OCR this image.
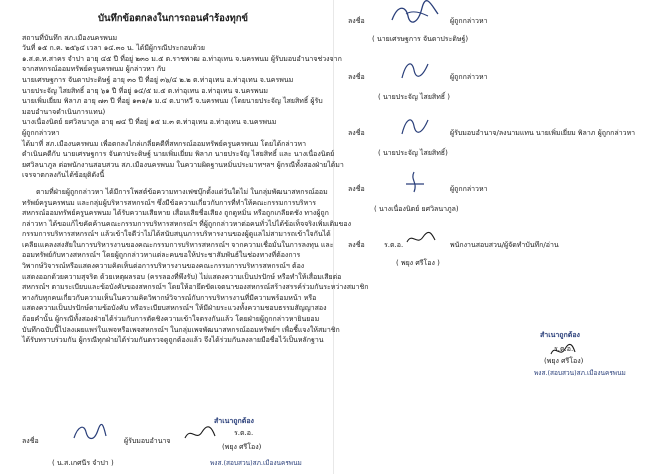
บันทึกข้อตกลงในการถอนคำร้องทุกข์
สถานที่บันทึก สภ.เมืองนครพนม
วันที่ ๑๕ ก.ค. ๒๕๖๔ เวลา ๑๔.๓๐ น. ได้มีผู้กรณีประกอบด้วย
๑.ส.ต.ท.สาคร จำปา อายุ ๔๕ ปี ที่อยู่ ๒๓๐ ม.๕ ต.ราชพาฒ อ.ท่าอุเทน จ.นครพนม ผู้รับมอบอำนาจช่วงจาก
จากสหกรณ์ออมทรัพย์ครูนครพนม ผู้กล่าวหา กับ
นายเศรษฐการ จันดาประดิษฐ์ อายุ ๓๐ ปี ที่อยู่ ๓๖/๔ ๒.๒ ต.ท่าอุเทน อ.ท่าอุเทน จ.นครพนม
นายประจัญ ไสยสิทธิ์ อายุ ๖๑ ปี ที่อยู่ ๑๔/๕ ม.๕ ต.ท่าอุเทน อ.ท่าอุเทน จ.นครพนม
นายเพิ่มเยี่ยม พิลาภ อายุ ๗๓ ปี ที่อยู่ ๑๓๑/๑ ม.๔ ต.บาหวี จ.นครพนม (โดยนายประจัญ ไสยสิทธิ์ ผู้รับ
มอบอำนาจดำเนินการแทน)
นางเนื่องนิตย์ ยศวิลนาภูล อายุ ๗๔ ปี ที่อยู่ ๑๕ ม.๓ ต.ท่าอุเทน อ.ท่าอุเทน จ.นครพนม
ผู้ถูกกล่าวหา
ได้มาที่ สภ.เมืองนครพนม เพื่อตกลงไกล่เกลี่ยคดีที่สหกรณ์ออมทรัพย์ครูนครพนม โดยได้กล่าวหา
ดำเนินคดีกับ นายเศรษฐการ จันดาประดิษฐ์ นายเพิ่มเยี่ยม พิลาภ นายประจัญ ไสยสิทธิ์ และ นางเนื่องนิตย์
ยศวิลนาภูล ต่อพนักงานสอบสวน สภ.เมืองนครพนม ในความผิดฐานหมิ่นประมาทฯลฯ ผู้กรณีทั้งสองฝ่ายได้มา
เจรจาตกลงกันได้ข้อยุติดังนี้
ตามที่ฝ่ายผู้ถูกกล่าวหา ได้มีการโพสต์ข้อความทางเฟซบุ๊กตั้งแต่วันใดไม่ ในกลุ่มพัฒนาสหกรณ์ออม
ทรัพย์ครูนครพนม และกลุ่มผู้บริหารสหกรณ์ฯ ซึ่งมีข้อความเกี่ยวกับการที่ทำให้คณะกรรมการบริหาร
สหกรณ์ออมทรัพย์ครูนครพนม ได้รับความเสียหาย เสื่อมเสียชื่อเสียง ถูกดูหมิ่น หรือถูกเกลียดชัง ทางผู้ถูก
กล่าวหา ได้ขอแก้ไขคัดค้านคณะกรรมการบริหารสหกรณ์ฯ ที่ผู้ถูกกล่าวหาต่อคนทั่วไปได้ข้อเท็จจริงเพิ่มเติมของ
กรรมการบริหารสหกรณ์ฯ แล้วเข้าใจดีว่าไม่ได้สนับสนุนการบริหารงานของผู้ดูแลไม่สามารถเข้าใจกันได้
เคลียเแคลงสงสัยในการบริหารงานของคณะกรรมการบริหารสหกรณ์ฯ จากความเชื่อมั่นในการลงทุน และ
ออมทรัพย์กับทางสหกรณ์ฯ โดยผู้ถูกกล่าวหาแต่ละคนขอให้ประชาสัมพันธ์ในช่องทางที่ต้องการ
วิพากษ์วิจารณ์หรือแสดงความคิดเห็นต่อการบริหารงานของคณะกรรมการบริหารสหกรณ์ฯ ต้อง
แสดงออกด้วยความสุจริต ด้วยเหตุผลรอบ (ครรลองที่พึงรับ) ไม่แสดงความเป็นปรปักษ์ หรือทำให้เสื่อมเสียต่อ
สหกรณ์ฯ ตามระเบียบและข้อบังคับของสหกรณ์ฯ โดยให้อายึดขัดเจตนาของสหกรณ์สร้างสรรค์ร่วมกันระหว่างสมาชิก
ทางกับทุกคนเกี่ยวกับความเห็นในความคิดวิพากษ์วิจารณ์กับการบริหารงานที่มีความพร้อมหน้า หรือ
แสดงความเป็นปรปักษ์ตามข้อบังคับ หรือระเบียบสหกรณ์ฯ ให้มีฝ่ายระแวงทั้งความชอบธรรมสัญญาสอง
ถ้อยคำนั้น ผู้กรณีทั้งสองฝ่ายได้ร่วมกับการตัดชิงความเข้าใจตรงกันแล้ว โดยฝ่ายผู้ถูกกล่าวหายินยอม
บันทึกฉบับนี้ไปลงเผยแพร่ในเพจหรือเพจสหกรณ์ฯ ในกลุ่มเพจพัฒนาสหกรณ์ออมทรัพย์ฯ เพื่อชี้แจงให้สมาชิก
ได้รับทราบร่วมกัน ผู้กรณีทุกฝ่ายได้ร่วมกันตรวจดูถูกต้องแล้ว จึงได้ร่วมกันลงลายมือชื่อไว้เป็นหลักฐาน
สำเนาถูกต้อง
ลงชื่อ	ผู้รับมอบอำนาจ
( น.ส.เกศนีร จำปา )
ร.ต.อ.
(พยุง ศรีโอง)
พงส.(สอบสวน)สภ.เมืองนครพนม
ลงชื่อ	ผู้ถูกกล่าวหา
( นายเศรษฐการ จันดาประดิษฐ์)
ลงชื่อ	ผู้ถูกกล่าวหา
( นายประจัญ ไสยสิทธิ์ )
ลงชื่อ	ผู้รับมอบอำนาจ/ลงนามแทน นายเพิ่มเยี่ยม พิลาภ ผู้ถูกกล่าวหา
( นายประจัญ ไสยสิทธิ์)
ลงชื่อ	ผู้ถูกกล่าวหา
( นางเนื่องนิตย์ ยศวิลนาภูล)
ลงชื่อ	ร.ต.อ.	พนักงานสอบสวน/ผู้จัดทำบันทึก/อ่าน
( พยุง ศรีโอง )
สำเนาถูกต้อง
ร.ต.อ.
(พยุง ศรีโอง)
พงส.(สอบสวน)สภ.เมืองนครพนม
